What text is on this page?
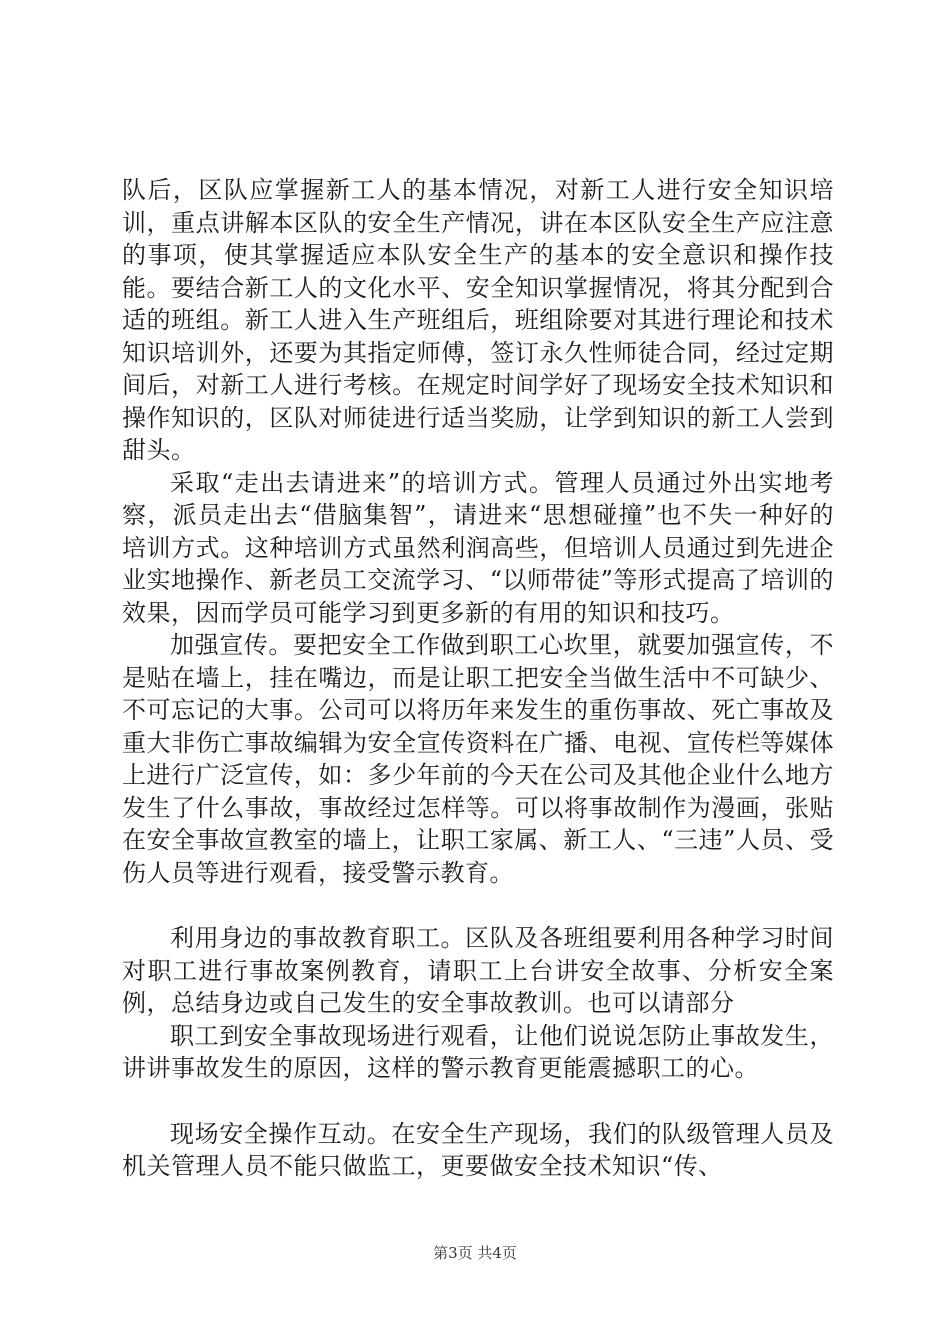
队后，区队应掌握新工人的基本情况，对新工人进行安全知识培训，重点讲解本区队的安全生产情况，讲在本区队安全生产应注意的事项，使其掌握适应本队安全生产的基本的安全意识和操作技能。要结合新工人的文化水平、安全知识掌握情况，将其分配到合适的班组。新工人进入生产班组后，班组除要对其进行理论和技术知识培训外，还要为其指定师傅，签订永久性师徒合同，经过定期间后，对新工人进行考核。在规定时间学好了现场安全技术知识和操作知识的，区队对师徒进行适当奖励，让学到知识的新工人尝到甜头。

采取“走出去请进来”的培训方式。管理人员通过外出实地考察，派员走出去“借脑集智”，请进来“思想碰撞”也不失一种好的培训方式。这种培训方式虽然利润高些，但培训人员通过到先进企业实地操作、新老员工交流学习、“以师带徒”等形式提高了培训的效果，因而学员可能学习到更多新的有用的知识和技巧。

加强宣传。要把安全工作做到职工心坎里，就要加强宣传，不是贴在墙上，挂在嘴边，而是让职工把安全当做生活中不可缺少、不可忘记的大事。公司可以将历年来发生的重伤事故、死亡事故及重大非伤亡事故编辑为安全宣传资料在广播、电视、宣传栏等媒体上进行广泛宣传，如：多少年前的今天在公司及其他企业什么地方发生了什么事故，事故经过怎样等。可以将事故制作为漫画，张贴在安全事故宣教室的墙上，让职工家属、新工人、“三违”人员、受伤人员等进行观看，接受警示教育。

利用身边的事故教育职工。区队及各班组要利用各种学习时间对职工进行事故案例教育，请职工上台讲安全故事、分析安全案例，总结身边或自己发生的安全事故教训。也可以请部分

职工到安全事故现场进行观看，让他们说说怎防止事故发生，讲讲事故发生的原因，这样的警示教育更能震撼职工的心。

现场安全操作互动。在安全生产现场，我们的队级管理人员及机关管理人员不能只做监工，更要做安全技术知识“传、

第3页 共4页
